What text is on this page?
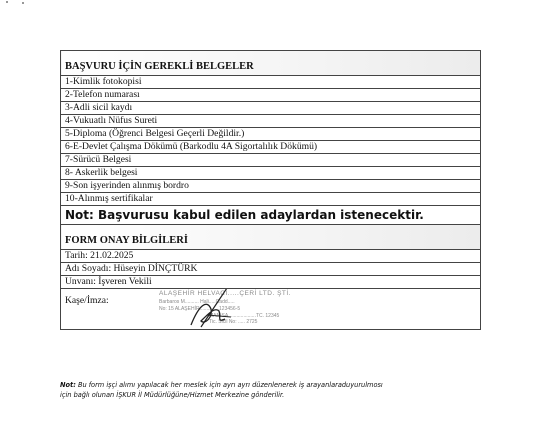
BAŞVURU İÇİN GEREKLİ BELGELER
1-Kimlik fotokopisi
2-Telefon numarası
3-Adli sicil kaydı
4-Vukuatlı Nüfus Sureti
5-Diploma (Öğrenci Belgesi Geçerli Değildir.)
6-E-Devlet Çalışma Dökümü (Barkodlu 4A Sigortalılık Dökümü)
7-Sürücü Belgesi
8- Askerlik belgesi
9-Son işyerinden alınmış bordro
10-Alınmış sertifikalar
Not: Başvurusu kabul edilen adaylardan istenecektir.
FORM ONAY BİLGİLERİ
Tarih: 21.02.2025
Adı Soyadı: Hüseyin DİNÇTÜRK
Unvanı: İşveren Vekili

Kaşe/İmza:
ALAŞEHİR HELVACI.....ÇERİ LTD. ŞTİ.
Barbaros M.......... Hali.....Cadd.....
No: 15 ALAŞEHİR..............123456-5
MANİSA....................TC. 12345
Tic. Sicil No: ..... 2725
Not: Bu form işçi alımı yapılacak her meslek için ayrı ayrı düzenlenerek iş arayanlaraduyurulmosı
için bağlı olunan İŞKUR İl Müdürlüğüne/Hizmet Merkezine gönderilir.
